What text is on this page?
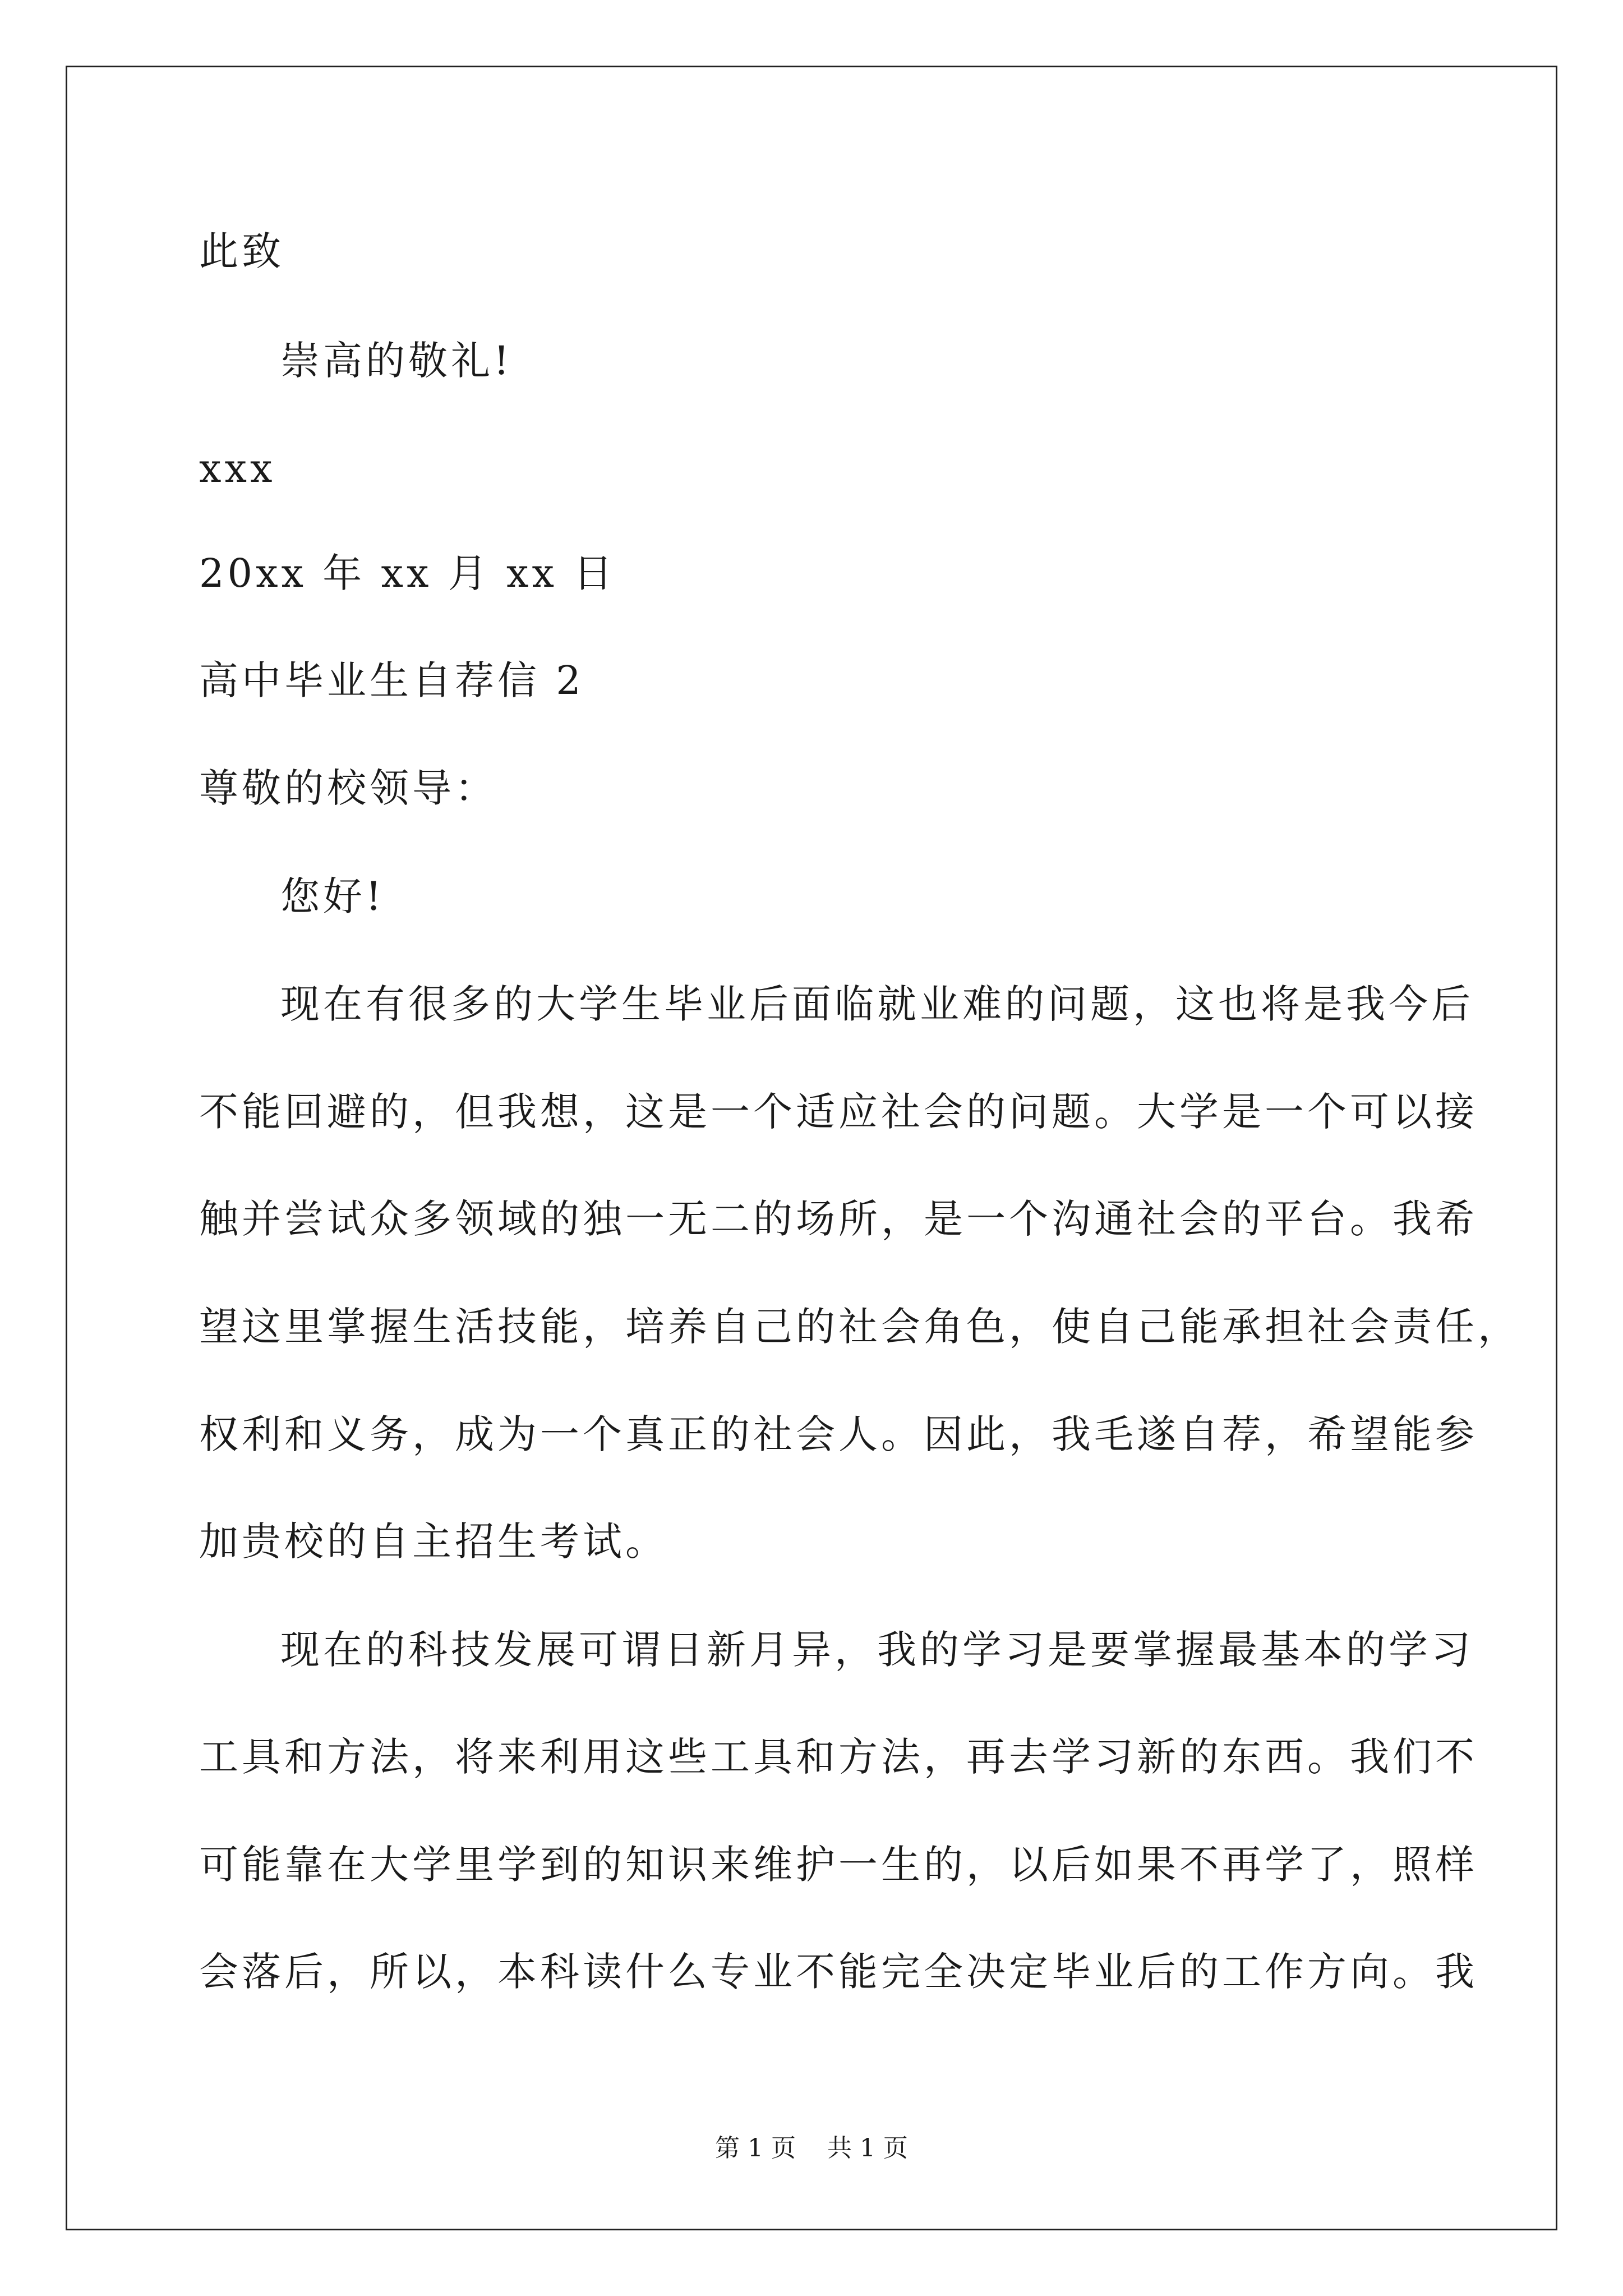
此致
崇高的敬礼!
xxx
20xx 年 xx 月 xx 日
高中毕业生自荐信 2
尊敬的校领导：
您好!
现在有很多的大学生毕业后面临就业难的问题，这也将是我今后
不能回避的，但我想，这是一个适应社会的问题。大学是一个可以接
触并尝试众多领域的独一无二的场所，是一个沟通社会的平台。我希
望这里掌握生活技能，培养自己的社会角色，使自己能承担社会责任，
权利和义务，成为一个真正的社会人。因此，我毛遂自荐，希望能参
加贵校的自主招生考试。
现在的科技发展可谓日新月异，我的学习是要掌握最基本的学习
工具和方法，将来利用这些工具和方法，再去学习新的东西。我们不
可能靠在大学里学到的知识来维护一生的，以后如果不再学了，照样
会落后，所以，本科读什么专业不能完全决定毕业后的工作方向。我
第 1 页    共 1 页
